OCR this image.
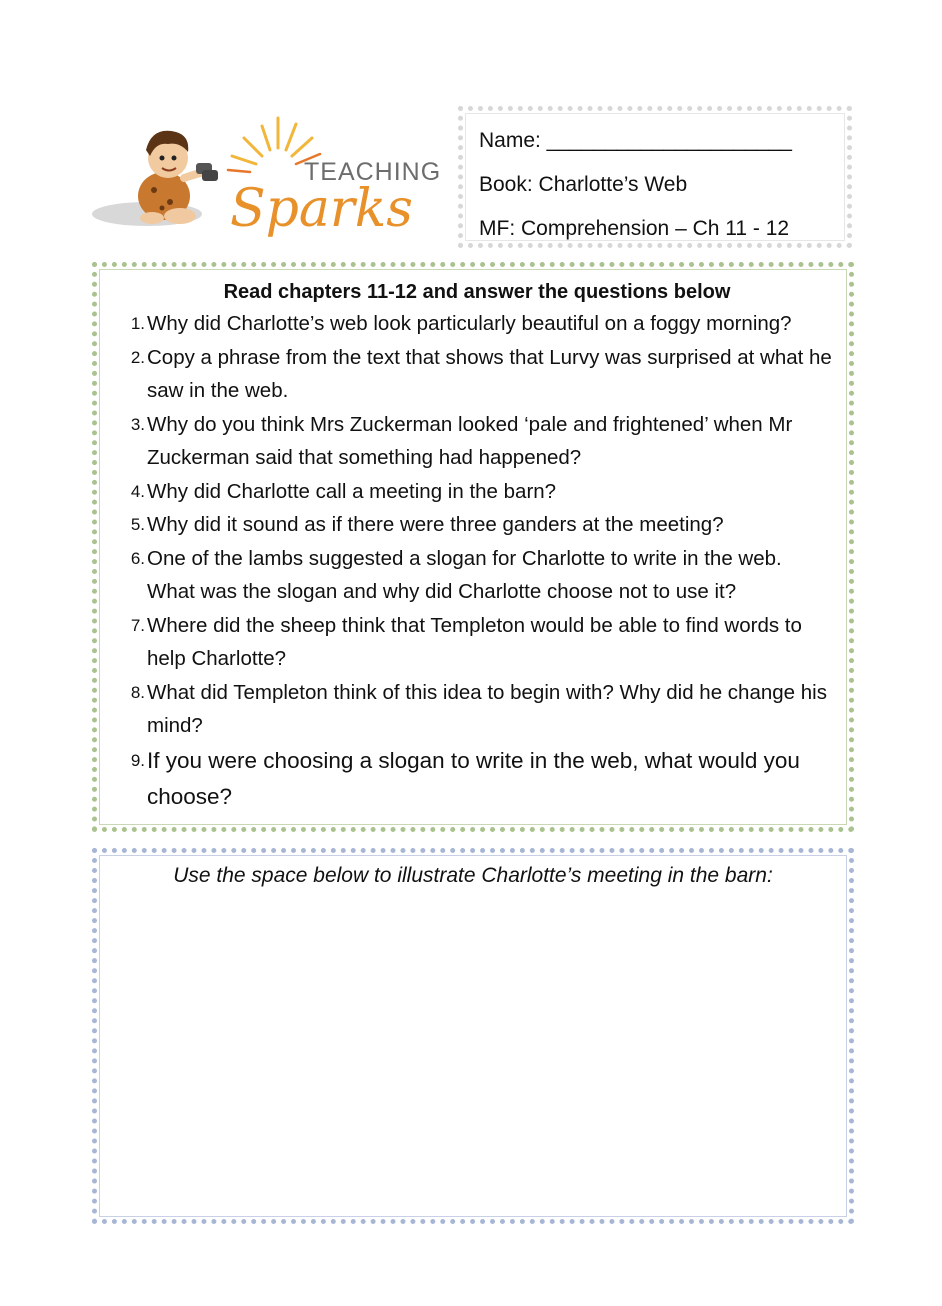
TEACHING
Sparks
Name: _____________________
Book: Charlotte’s Web
MF: Comprehension – Ch 11 - 12
Read chapters 11-12 and answer the questions below
1. Why did Charlotte’s web look particularly beautiful on a foggy morning?
2. Copy a phrase from the text that shows that Lurvy was surprised at what he saw in the web.
3. Why do you think Mrs Zuckerman looked ‘pale and frightened’ when Mr Zuckerman said that something had happened?
4. Why did Charlotte call a meeting in the barn?
5. Why did it sound as if there were three ganders at the meeting?
6. One of the lambs suggested a slogan for Charlotte to write in the web. What was the slogan and why did Charlotte choose not to use it?
7. Where did the sheep think that Templeton would be able to find words to help Charlotte?
8. What did Templeton think of this idea to begin with? Why did he change his mind?
9. If you were choosing a slogan to write in the web, what would you choose?
Use the space below to illustrate Charlotte’s meeting in the barn:
